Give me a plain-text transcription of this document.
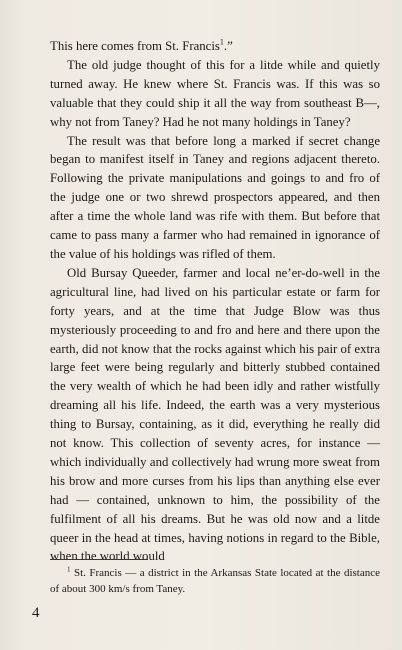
This here comes from St. Francis$^1$.”

The old judge thought of this for a litde while and quietly turned away. He knew where St. Francis was. If this was so valuable that they could ship it all the way from southeast B—, why not from Taney? Had he not many holdings in Taney?

The result was that before long a marked if secret change began to manifest itself in Taney and regions adjacent thereto. Following the private manipulations and goings to and fro of the judge one or two shrewd prospectors appeared, and then after a time the whole land was rife with them. But before that came to pass many a farmer who had remained in ignorance of the value of his holdings was rifled of them.

Old Bursay Queeder, farmer and local ne’er-do-well in the agricultural line, had lived on his particular estate or farm for forty years, and at the time that Judge Blow was thus mysteriously proceeding to and fro and here and there upon the earth, did not know that the rocks against which his pair of extra large feet were being regularly and bitterly stubbed contained the very wealth of which he had been idly and rather wistfully dreaming all his life. Indeed, the earth was a very mysterious thing to Bursay, containing, as it did, everything he really did not know. This collection of seventy acres, for instance — which individually and collectively had wrung more sweat from his brow and more curses from his lips than anything else ever had — contained, unknown to him, the possibility of the fulfilment of all his dreams. But he was old now and a litde queer in the head at times, having notions in regard to the Bible, when the world would

$^1$ St. Francis — a district in the Arkansas State located at the distance of about 300 km/s from Taney.
4
